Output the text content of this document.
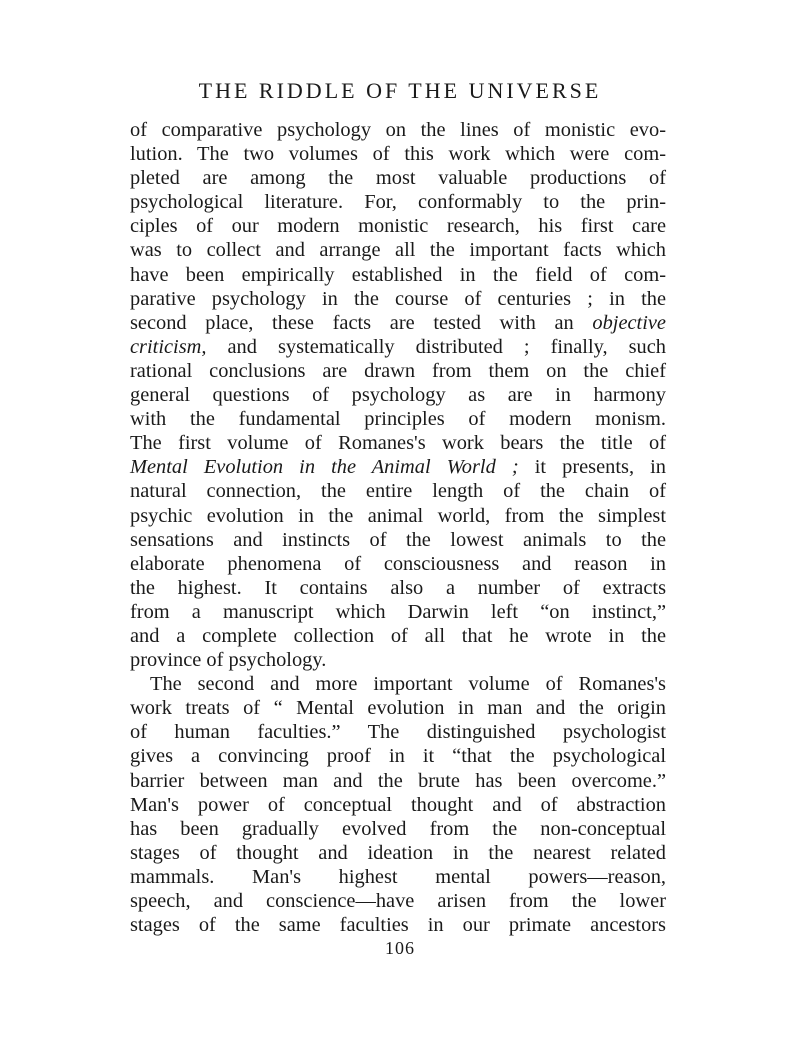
THE RIDDLE OF THE UNIVERSE
of comparative psychology on the lines of monistic evo-
lution. The two volumes of this work which were com-
pleted are among the most valuable productions of
psychological literature. For, conformably to the prin-
ciples of our modern monistic research, his first care
was to collect and arrange all the important facts which
have been empirically established in the field of com-
parative psychology in the course of centuries ; in the
second place, these facts are tested with an objective
criticism, and systematically distributed ; finally, such
rational conclusions are drawn from them on the chief
general questions of psychology as are in harmony
with the fundamental principles of modern monism.
The first volume of Romanes's work bears the title of
Mental Evolution in the Animal World ; it presents, in
natural connection, the entire length of the chain of
psychic evolution in the animal world, from the simplest
sensations and instincts of the lowest animals to the
elaborate phenomena of consciousness and reason in
the highest. It contains also a number of extracts
from a manuscript which Darwin left “on instinct,”
and a complete collection of all that he wrote in the
province of psychology.
The second and more important volume of Romanes's
work treats of “ Mental evolution in man and the origin
of human faculties.” The distinguished psychologist
gives a convincing proof in it “that the psychological
barrier between man and the brute has been overcome.”
Man's power of conceptual thought and of abstraction
has been gradually evolved from the non-conceptual
stages of thought and ideation in the nearest related
mammals. Man's highest mental powers—reason,
speech, and conscience—have arisen from the lower
stages of the same faculties in our primate ancestors
106
